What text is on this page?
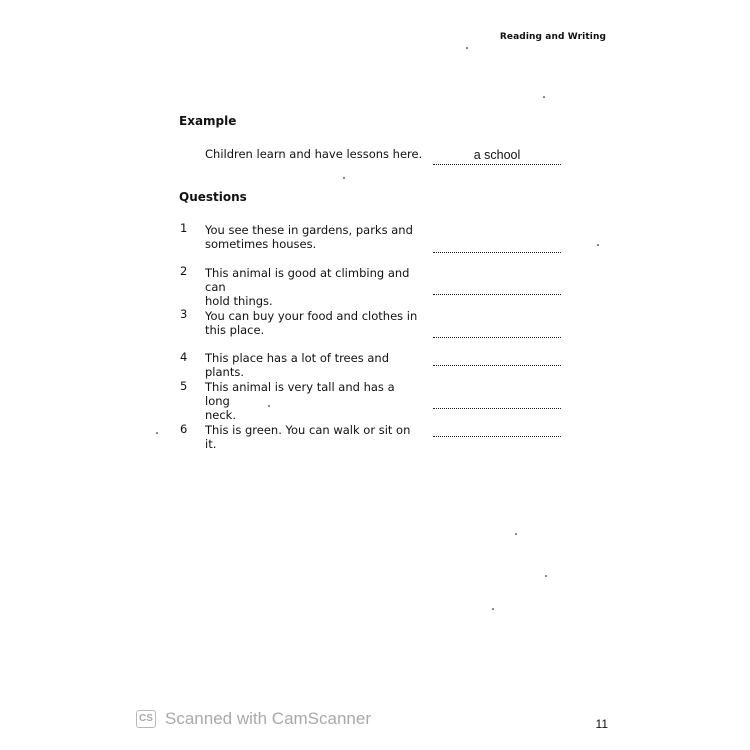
Reading and Writing
Example
Children learn and have lessons here.	a school
Questions
1 You see these in gardens, parks and
sometimes houses.
2 This animal is good at climbing and can
hold things.
3 You can buy your food and clothes in
this place.
4 This place has a lot of trees and plants.
5 This animal is very tall and has a long
neck.
6 This is green. You can walk or sit on it.
CS Scanned with CamScanner	11
